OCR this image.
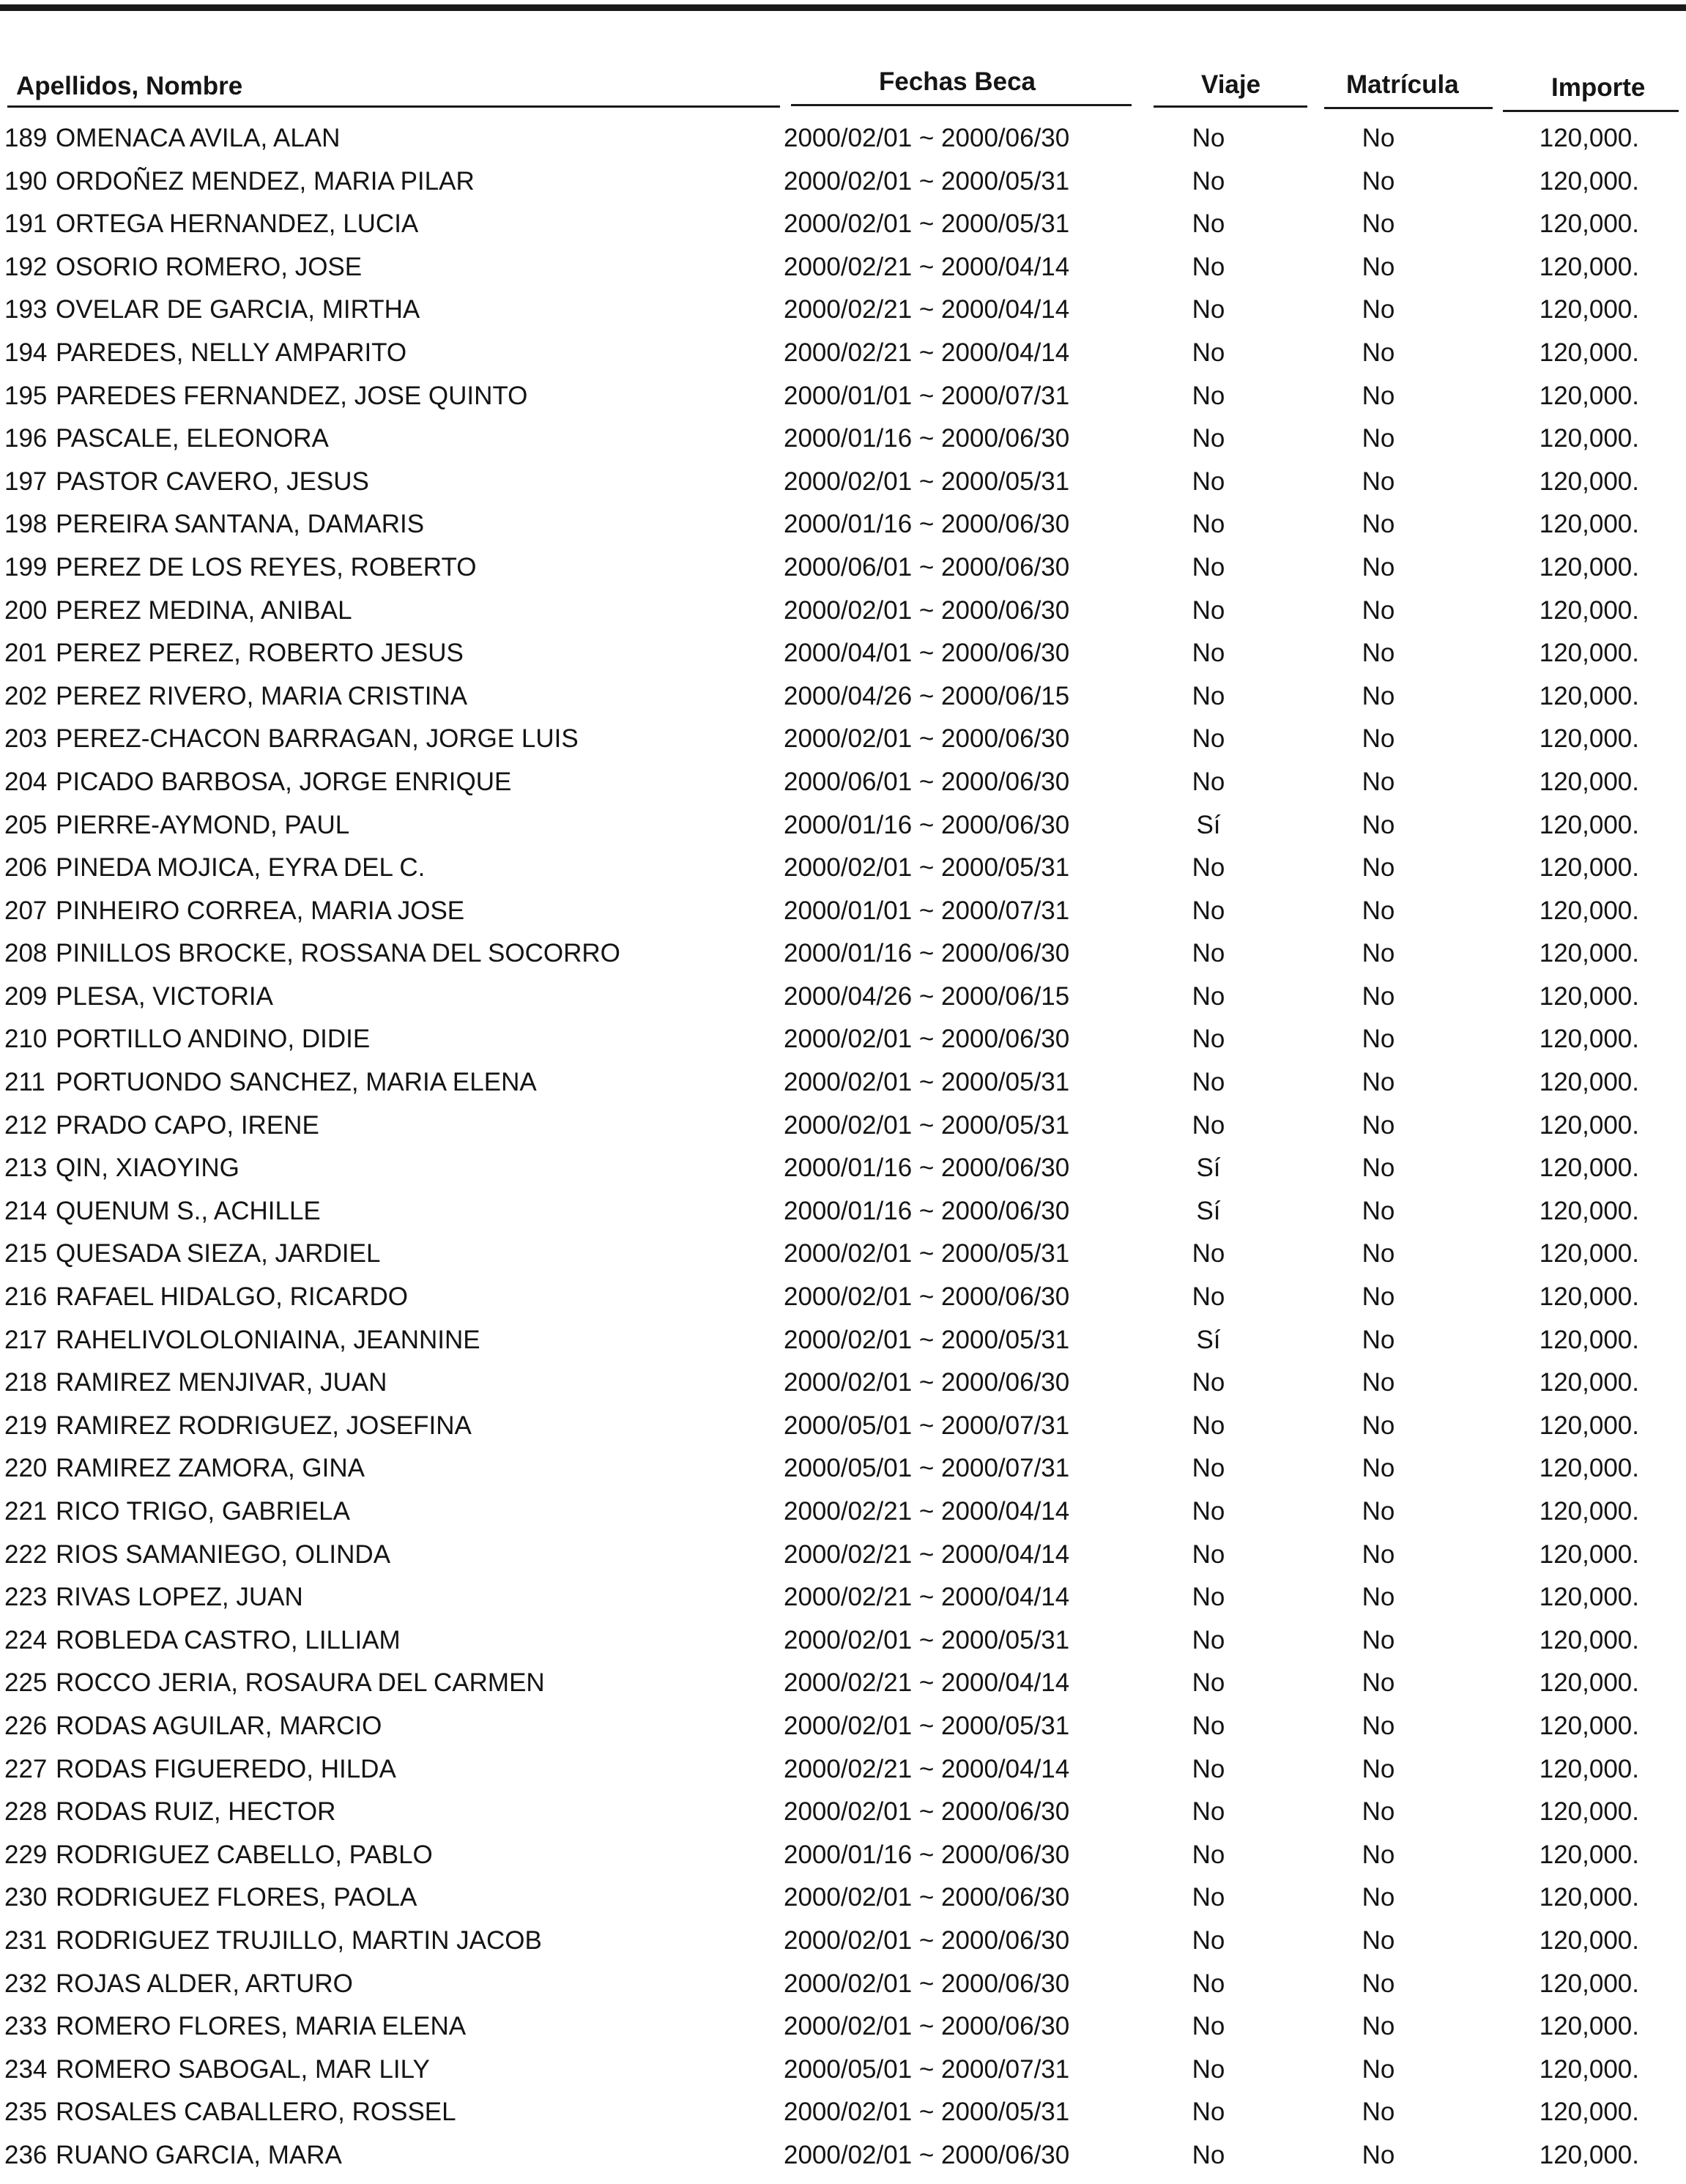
Apellidos, Nombre	Fechas Beca	Viaje	Matrícula	Importe
189 OMENACA AVILA, ALAN	2000/02/01 ~ 2000/06/30	No	No	120,000.
190 ORDOÑEZ MENDEZ, MARIA PILAR	2000/02/01 ~ 2000/05/31	No	No	120,000.
191 ORTEGA HERNANDEZ, LUCIA	2000/02/01 ~ 2000/05/31	No	No	120,000.
192 OSORIO ROMERO, JOSE	2000/02/21 ~ 2000/04/14	No	No	120,000.
193 OVELAR DE GARCIA, MIRTHA	2000/02/21 ~ 2000/04/14	No	No	120,000.
194 PAREDES, NELLY AMPARITO	2000/02/21 ~ 2000/04/14	No	No	120,000.
195 PAREDES FERNANDEZ, JOSE QUINTO	2000/01/01 ~ 2000/07/31	No	No	120,000.
196 PASCALE, ELEONORA	2000/01/16 ~ 2000/06/30	No	No	120,000.
197 PASTOR CAVERO, JESUS	2000/02/01 ~ 2000/05/31	No	No	120,000.
198 PEREIRA SANTANA, DAMARIS	2000/01/16 ~ 2000/06/30	No	No	120,000.
199 PEREZ DE LOS REYES, ROBERTO	2000/06/01 ~ 2000/06/30	No	No	120,000.
200 PEREZ MEDINA, ANIBAL	2000/02/01 ~ 2000/06/30	No	No	120,000.
201 PEREZ PEREZ, ROBERTO JESUS	2000/04/01 ~ 2000/06/30	No	No	120,000.
202 PEREZ RIVERO, MARIA CRISTINA	2000/04/26 ~ 2000/06/15	No	No	120,000.
203 PEREZ-CHACON BARRAGAN, JORGE LUIS	2000/02/01 ~ 2000/06/30	No	No	120,000.
204 PICADO BARBOSA, JORGE ENRIQUE	2000/06/01 ~ 2000/06/30	No	No	120,000.
205 PIERRE-AYMOND, PAUL	2000/01/16 ~ 2000/06/30	Sí	No	120,000.
206 PINEDA MOJICA, EYRA DEL C.	2000/02/01 ~ 2000/05/31	No	No	120,000.
207 PINHEIRO CORREA, MARIA JOSE	2000/01/01 ~ 2000/07/31	No	No	120,000.
208 PINILLOS BROCKE, ROSSANA DEL SOCORRO	2000/01/16 ~ 2000/06/30	No	No	120,000.
209 PLESA, VICTORIA	2000/04/26 ~ 2000/06/15	No	No	120,000.
210 PORTILLO ANDINO, DIDIE	2000/02/01 ~ 2000/06/30	No	No	120,000.
211 PORTUONDO SANCHEZ, MARIA ELENA	2000/02/01 ~ 2000/05/31	No	No	120,000.
212 PRADO CAPO, IRENE	2000/02/01 ~ 2000/05/31	No	No	120,000.
213 QIN, XIAOYING	2000/01/16 ~ 2000/06/30	Sí	No	120,000.
214 QUENUM S., ACHILLE	2000/01/16 ~ 2000/06/30	Sí	No	120,000.
215 QUESADA SIEZA, JARDIEL	2000/02/01 ~ 2000/05/31	No	No	120,000.
216 RAFAEL HIDALGO, RICARDO	2000/02/01 ~ 2000/06/30	No	No	120,000.
217 RAHELIVOLOLONIAINA, JEANNINE	2000/02/01 ~ 2000/05/31	Sí	No	120,000.
218 RAMIREZ MENJIVAR, JUAN	2000/02/01 ~ 2000/06/30	No	No	120,000.
219 RAMIREZ RODRIGUEZ, JOSEFINA	2000/05/01 ~ 2000/07/31	No	No	120,000.
220 RAMIREZ ZAMORA, GINA	2000/05/01 ~ 2000/07/31	No	No	120,000.
221 RICO TRIGO, GABRIELA	2000/02/21 ~ 2000/04/14	No	No	120,000.
222 RIOS SAMANIEGO, OLINDA	2000/02/21 ~ 2000/04/14	No	No	120,000.
223 RIVAS LOPEZ, JUAN	2000/02/21 ~ 2000/04/14	No	No	120,000.
224 ROBLEDA CASTRO, LILLIAM	2000/02/01 ~ 2000/05/31	No	No	120,000.
225 ROCCO JERIA, ROSAURA DEL CARMEN	2000/02/21 ~ 2000/04/14	No	No	120,000.
226 RODAS AGUILAR, MARCIO	2000/02/01 ~ 2000/05/31	No	No	120,000.
227 RODAS FIGUEREDO, HILDA	2000/02/21 ~ 2000/04/14	No	No	120,000.
228 RODAS RUIZ, HECTOR	2000/02/01 ~ 2000/06/30	No	No	120,000.
229 RODRIGUEZ CABELLO, PABLO	2000/01/16 ~ 2000/06/30	No	No	120,000.
230 RODRIGUEZ FLORES, PAOLA	2000/02/01 ~ 2000/06/30	No	No	120,000.
231 RODRIGUEZ TRUJILLO, MARTIN JACOB	2000/02/01 ~ 2000/06/30	No	No	120,000.
232 ROJAS ALDER, ARTURO	2000/02/01 ~ 2000/06/30	No	No	120,000.
233 ROMERO FLORES, MARIA ELENA	2000/02/01 ~ 2000/06/30	No	No	120,000.
234 ROMERO SABOGAL, MAR LILY	2000/05/01 ~ 2000/07/31	No	No	120,000.
235 ROSALES CABALLERO, ROSSEL	2000/02/01 ~ 2000/05/31	No	No	120,000.
236 RUANO GARCIA, MARA	2000/02/01 ~ 2000/06/30	No	No	120,000.
